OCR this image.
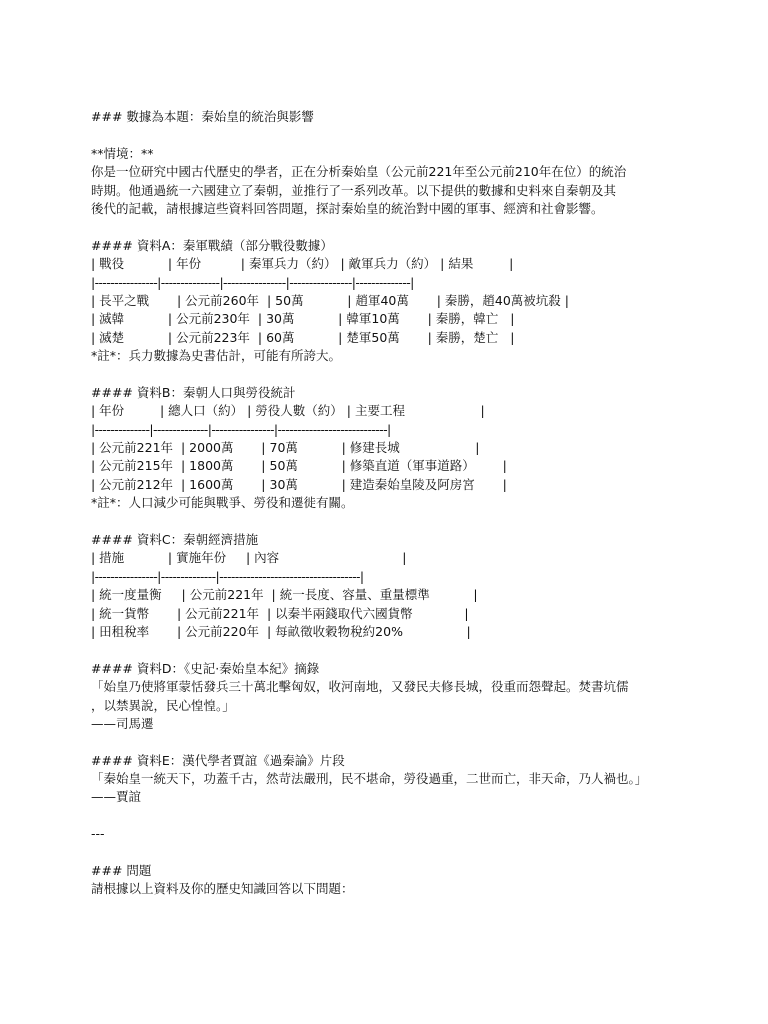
### 數據為本題：秦始皇的統治與影響
**情境：**
你是一位研究中國古代歷史的學者，正在分析秦始皇（公元前221年至公元前210年在位）的統治
時期。他通過統一六國建立了秦朝，並推行了一系列改革。以下提供的數據和史料來自秦朝及其
後代的記載，請根據這些資料回答問題，探討秦始皇的統治對中國的軍事、經濟和社會影響。
#### 資料A：秦軍戰績（部分戰役數據）
| 戰役           | 年份          | 秦軍兵力（約） | 敵軍兵力（約） | 結果         |
|----------------|---------------|----------------|----------------|--------------|
| 長平之戰       | 公元前260年  | 50萬           | 趙軍40萬       | 秦勝，趙40萬被坑殺 |
| 滅韓           | 公元前230年  | 30萬           | 韓軍10萬       | 秦勝，韓亡   |
| 滅楚           | 公元前223年  | 60萬           | 楚軍50萬       | 秦勝，楚亡   |
*註*：兵力數據為史書估計，可能有所誇大。
#### 資料B：秦朝人口與勞役統計
| 年份         | 總人口（約） | 勞役人數（約） | 主要工程                   |
|--------------|--------------|----------------|----------------------------|
| 公元前221年  | 2000萬       | 70萬           | 修建長城                   |
| 公元前215年  | 1800萬       | 50萬           | 修築直道（軍事道路）       |
| 公元前212年  | 1600萬       | 30萬           | 建造秦始皇陵及阿房宮       |
*註*：人口減少可能與戰爭、勞役和遷徙有關。
#### 資料C：秦朝經濟措施
| 措施           | 實施年份     | 內容                               |
|----------------|--------------|------------------------------------|
| 統一度量衡     | 公元前221年  | 統一長度、容量、重量標準           |
| 統一貨幣       | 公元前221年  | 以秦半兩錢取代六國貨幣             |
| 田租稅率       | 公元前220年  | 每畝徵收穀物稅約20%                |
#### 資料D：《史記·秦始皇本紀》摘錄
「始皇乃使將軍蒙恬發兵三十萬北擊匈奴，收河南地，又發民夫修長城，役重而怨聲起。焚書坑儒
，以禁異說，民心惶惶。」
——司馬遷
#### 資料E：漢代學者賈誼《過秦論》片段
「秦始皇一統天下，功蓋千古，然苛法嚴刑，民不堪命，勞役過重，二世而亡，非天命，乃人禍也。」
——賈誼
---
### 問題
請根據以上資料及你的歷史知識回答以下問題：
